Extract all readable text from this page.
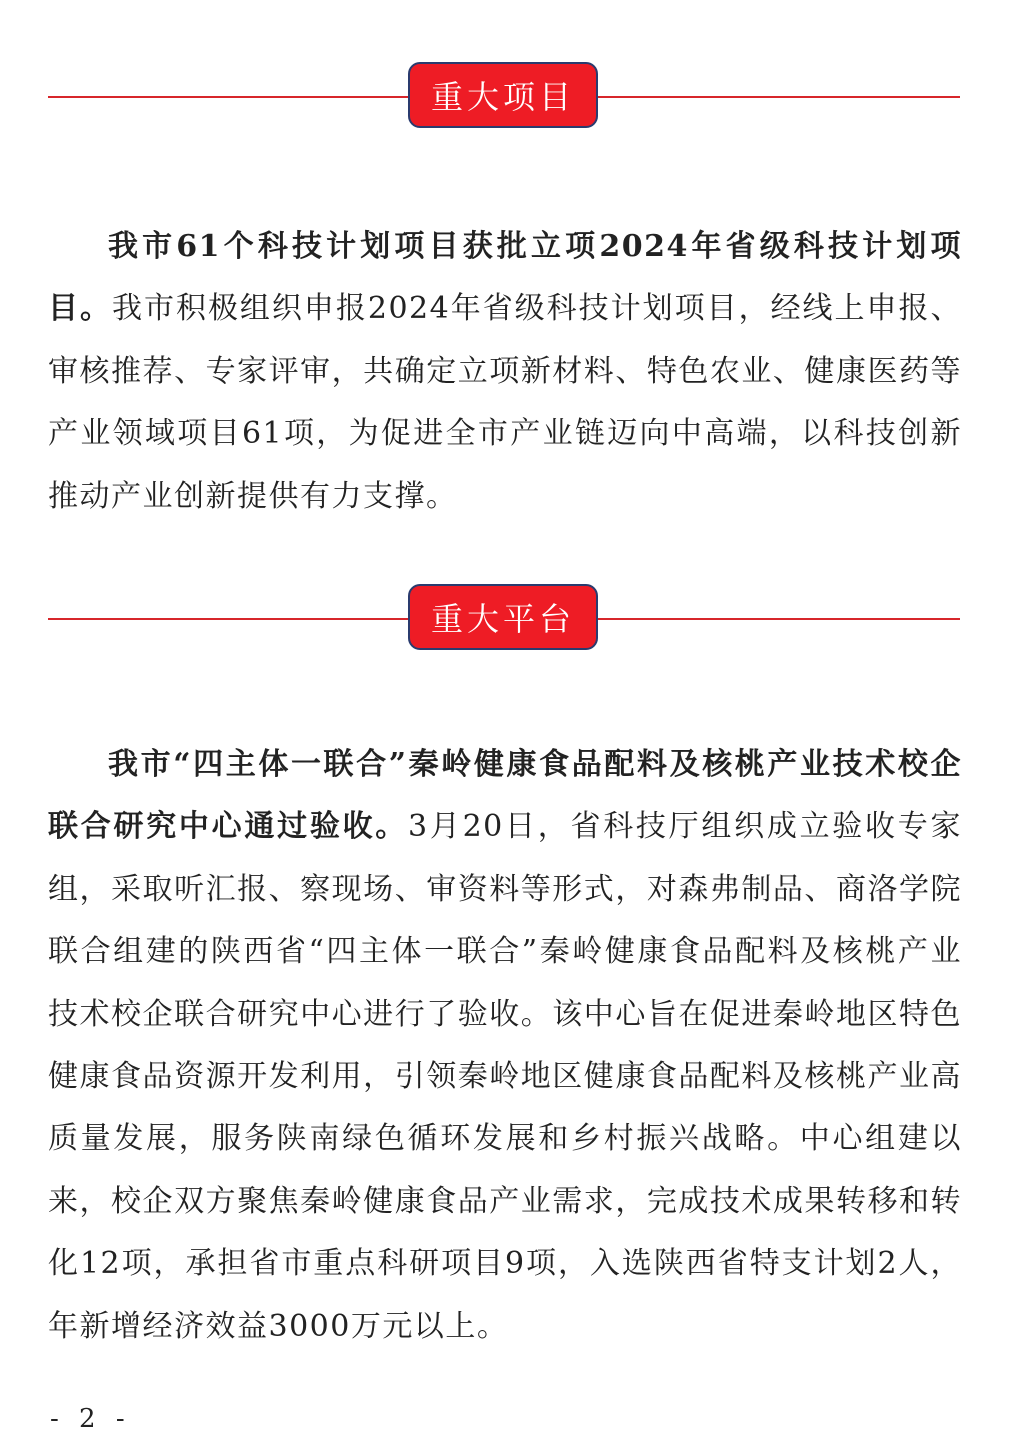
重大项目

我市61个科技计划项目获批立项2024年省级科技计划项目。我市积极组织申报2024年省级科技计划项目，经线上申报、审核推荐、专家评审，共确定立项新材料、特色农业、健康医药等产业领域项目61项，为促进全市产业链迈向中高端，以科技创新推动产业创新提供有力支撑。

重大平台

我市“四主体一联合”秦岭健康食品配料及核桃产业技术校企联合研究中心通过验收。3月20日，省科技厅组织成立验收专家组，采取听汇报、察现场、审资料等形式，对森弗制品、商洛学院联合组建的陕西省“四主体一联合”秦岭健康食品配料及核桃产业技术校企联合研究中心进行了验收。该中心旨在促进秦岭地区特色健康食品资源开发利用，引领秦岭地区健康食品配料及核桃产业高质量发展，服务陕南绿色循环发展和乡村振兴战略。中心组建以来，校企双方聚焦秦岭健康食品产业需求，完成技术成果转移和转化12项，承担省市重点科研项目9项，入选陕西省特支计划2人，年新增经济效益3000万元以上。

- 2 -
